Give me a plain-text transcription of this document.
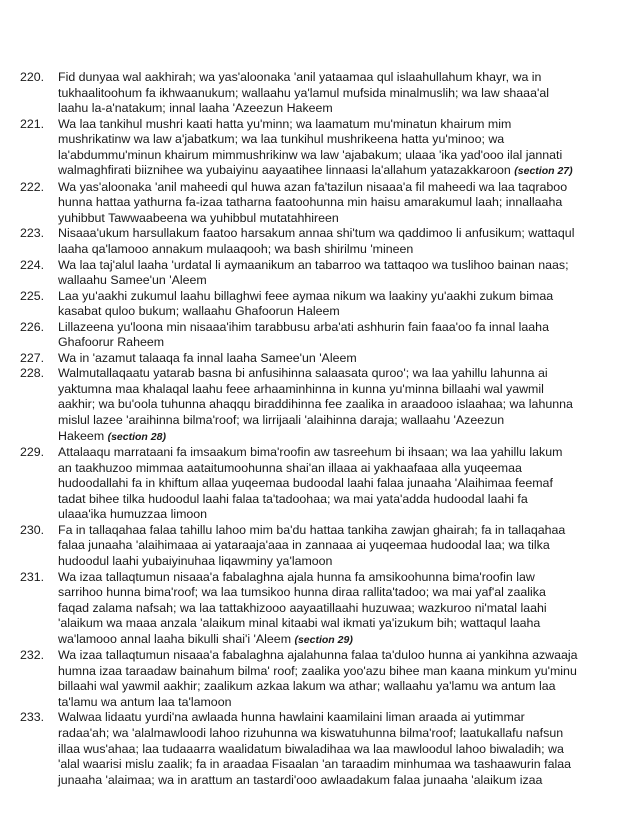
220.	Fid dunyaa wal aakhirah; wa yas'aloonaka 'anil yataamaa qul islaahullahum khayr, wa in
tukhaalitoohum fa ikhwaanukum; wallaahu ya'lamul mufsida minalmuslih; wa law shaaa'al
laahu la-a'natakum; innal laaha 'Azeezun Hakeem
221.	Wa laa tankihul mushri kaati hatta yu'minn; wa laamatum mu'minatun khairum mim
mushrikatinw wa law a'jabatkum; wa laa tunkihul mushrikeena hatta yu'minoo; wa
la'abdummu'minun khairum mimmushrikinw wa law 'ajabakum; ulaaa 'ika yad'ooo ilal jannati
walmaghfirati biiznihee wa yubaiyinu aayaatihee linnaasi la'allahum yatazakkaroon (section 27)
222.	Wa yas'aloonaka 'anil maheedi qul huwa azan fa'tazilun nisaaa'a fil maheedi wa laa taqraboo
hunna hattaa yathurna fa-izaa tatharna faatoohunna min haisu amarakumul laah; innallaaha
yuhibbut Tawwaabeena wa yuhibbul mutatahhireen
223.	Nisaaa'ukum harsullakum faatoo harsakum annaa shi'tum wa qaddimoo li anfusikum; wattaqul
laaha qa'lamooo annakum mulaaqooh; wa bash shirilmu 'mineen
224.	Wa laa taj'alul laaha 'urdatal li aymaanikum an tabarroo wa tattaqoo wa tuslihoo bainan naas;
wallaahu Samee'un 'Aleem
225.	Laa yu'aakhi zukumul laahu billaghwi feee aymaa nikum wa laakiny yu'aakhi zukum bimaa
kasabat quloo bukum; wallaahu Ghafoorun Haleem
226.	Lillazeena yu'loona min nisaaa'ihim tarabbusu arba'ati ashhurin fain faaa'oo fa innal laaha
Ghafoorur Raheem
227.	Wa in 'azamut talaaqa fa innal laaha Samee'un 'Aleem
228.	Walmutallaqaatu yatarab basna bi anfusihinna salaasata quroo'; wa laa yahillu lahunna ai
yaktumna maa khalaqal laahu feee arhaaminhinna in kunna yu'minna billaahi wal yawmil
aakhir; wa bu'oola tuhunna ahaqqu biraddihinna fee zaalika in araadooo islaahaa; wa lahunna
mislul lazee 'araihinna bilma'roof; wa lirrijaali 'alaihinna daraja; wallaahu 'Azeezun
Hakeem (section 28)
229.	Attalaaqu marrataani fa imsaakum bima'roofin aw tasreehum bi ihsaan; wa laa yahillu lakum
an taakhuzoo mimmaa aataitumoohunna shai'an illaaa ai yakhaafaaa alla yuqeemaa
hudoodallahi fa in khiftum allaa yuqeemaa budoodal laahi falaa junaaha 'Alaihimaa feemaf
tadat bihee tilka hudoodul laahi falaa ta'tadoohaa; wa mai yata'adda hudoodal laahi fa
ulaaa'ika humuzzaa limoon
230.	Fa in tallaqahaa falaa tahillu lahoo mim ba'du hattaa tankiha zawjan ghairah; fa in tallaqahaa
falaa junaaha 'alaihimaaa ai yataraaja'aaa in zannaaa ai yuqeemaa hudoodal laa; wa tilka
hudoodul laahi yubaiyinuhaa liqawminy ya'lamoon
231.	Wa izaa tallaqtumun nisaaa'a fabalaghna ajala hunna fa amsikoohunna bima'roofin law
sarrihoo hunna bima'roof; wa laa tumsikoo hunna diraa rallita'tadoo; wa mai yaf'al zaalika
faqad zalama nafsah; wa laa tattakhizooo aayaatillaahi huzuwaa; wazkuroo ni'matal laahi
'alaikum wa maaa anzala 'alaikum minal kitaabi wal ikmati ya'izukum bih; wattaqul laaha
wa'lamooo annal laaha bikulli shai'i 'Aleem (section 29)
232.	Wa izaa tallaqtumun nisaaa'a fabalaghna ajalahunna falaa ta'duloo hunna ai yankihna azwaaja
humna izaa taraadaw bainahum bilma' roof; zaalika yoo'azu bihee man kaana minkum yu'minu
billaahi wal yawmil aakhir; zaalikum azkaa lakum wa athar; wallaahu ya'lamu wa antum laa
ta'lamu wa antum laa ta'lamoon
233.	Walwaa lidaatu yurdi'na awlaada hunna hawlaini kaamilaini liman araada ai yutimmar
radaa'ah; wa 'alalmawloodi lahoo rizuhunna wa kiswatuhunna bilma'roof; laatukallafu nafsun
illaa wus'ahaa; laa tudaaarra waalidatum biwaladihaa wa laa mawloodul lahoo biwaladih; wa
'alal waarisi mislu zaalik; fa in araadaa Fisaalan 'an taraadim minhumaa wa tashaawurin falaa
junaaha 'alaimaa; wa in arattum an tastardi'ooo awlaadakum falaa junaaha 'alaikum izaa
